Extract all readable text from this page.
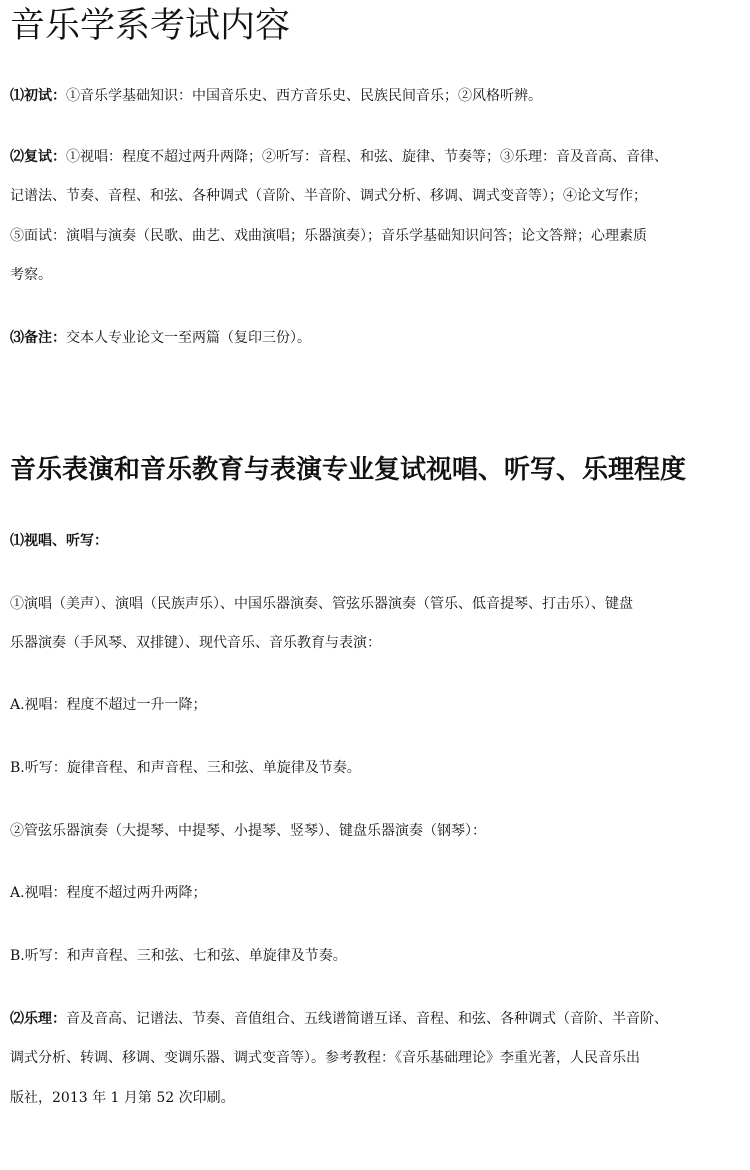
音乐学系考试内容
⑴初试：①音乐学基础知识：中国音乐史、西方音乐史、民族民间音乐；②风格听辨。
⑵复试：①视唱：程度不超过两升两降；②听写：音程、和弦、旋律、节奏等；③乐理：音及音高、音律、
记谱法、节奏、音程、和弦、各种调式（音阶、半音阶、调式分析、移调、调式变音等）；④论文写作；
⑤面试：演唱与演奏（民歌、曲艺、戏曲演唱；乐器演奏）；音乐学基础知识问答；论文答辩；心理素质
考察。
⑶备注：交本人专业论文一至两篇（复印三份）。
音乐表演和音乐教育与表演专业复试视唱、听写、乐理程度
⑴视唱、听写：
①演唱（美声）、演唱（民族声乐）、中国乐器演奏、管弦乐器演奏（管乐、低音提琴、打击乐）、键盘
乐器演奏（手风琴、双排键）、现代音乐、音乐教育与表演：
A.视唱：程度不超过一升一降；
B.听写：旋律音程、和声音程、三和弦、单旋律及节奏。
②管弦乐器演奏（大提琴、中提琴、小提琴、竖琴）、键盘乐器演奏（钢琴）：
A.视唱：程度不超过两升两降；
B.听写：和声音程、三和弦、七和弦、单旋律及节奏。
⑵乐理：音及音高、记谱法、节奏、音值组合、五线谱简谱互译、音程、和弦、各种调式（音阶、半音阶、
调式分析、转调、移调、变调乐器、调式变音等）。参考教程：《音乐基础理论》李重光著，人民音乐出
版社，2013 年 1 月第 52 次印刷。
